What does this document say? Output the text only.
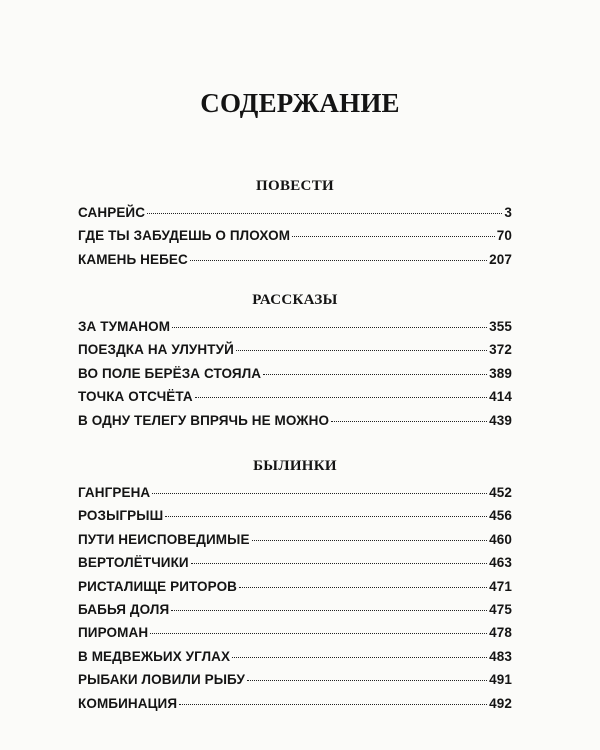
СОДЕРЖАНИЕ
ПОВЕСТИ
САНРЕЙС	3
ГДЕ ТЫ ЗАБУДЕШЬ О ПЛОХОМ	70
КАМЕНЬ НЕБЕС	207
РАССКАЗЫ
ЗА ТУМАНОМ	355
ПОЕЗДКА НА УЛУНТУЙ	372
ВО ПОЛЕ БЕРЁЗА СТОЯЛА	389
ТОЧКА ОТСЧЁТА	414
В ОДНУ ТЕЛЕГУ ВПРЯЧЬ НЕ МОЖНО	439
БЫЛИНКИ
ГАНГРЕНА	452
РОЗЫГРЫШ	456
ПУТИ НЕИСПОВЕДИМЫЕ	460
ВЕРТОЛЁТЧИКИ	463
РИСТАЛИЩЕ РИТОРОВ	471
БАБЬЯ ДОЛЯ	475
ПИРОМАН	478
В МЕДВЕЖЬИХ УГЛАХ	483
РЫБАКИ ЛОВИЛИ РЫБУ	491
КОМБИНАЦИЯ	492
